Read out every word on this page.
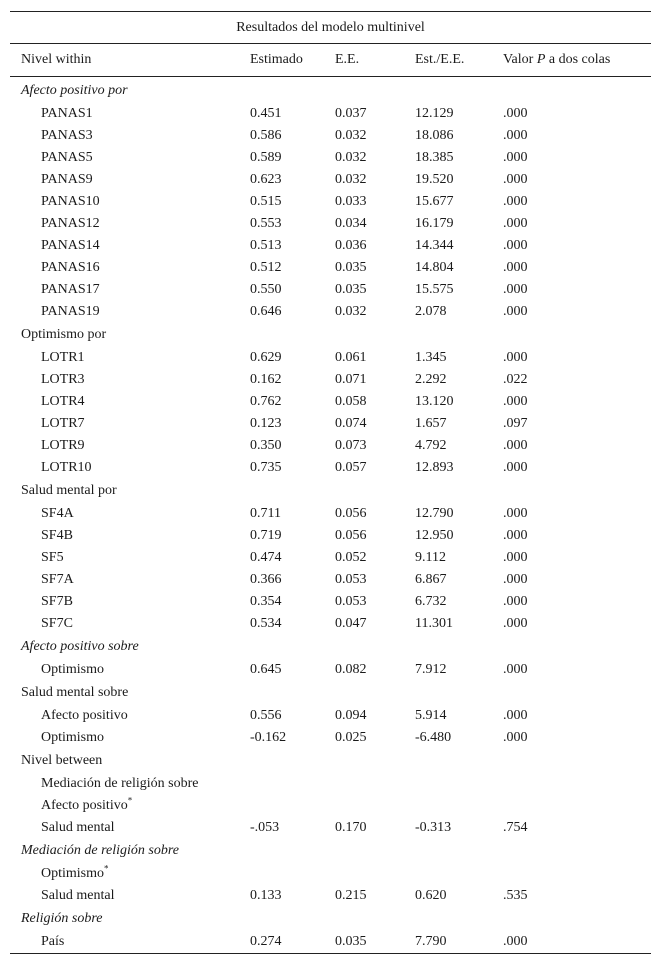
Resultados del modelo multinivel
Nivel within	Estimado	E.E.	Est./E.E.	Valor P a dos colas
Afecto positivo por				
PANAS1	0.451	0.037	12.129	.000
PANAS3	0.586	0.032	18.086	.000
PANAS5	0.589	0.032	18.385	.000
PANAS9	0.623	0.032	19.520	.000
PANAS10	0.515	0.033	15.677	.000
PANAS12	0.553	0.034	16.179	.000
PANAS14	0.513	0.036	14.344	.000
PANAS16	0.512	0.035	14.804	.000
PANAS17	0.550	0.035	15.575	.000
PANAS19	0.646	0.032	2.078	.000
Optimismo por				
LOTR1	0.629	0.061	1.345	.000
LOTR3	0.162	0.071	2.292	.022
LOTR4	0.762	0.058	13.120	.000
LOTR7	0.123	0.074	1.657	.097
LOTR9	0.350	0.073	4.792	.000
LOTR10	0.735	0.057	12.893	.000
Salud mental por				
SF4A	0.711	0.056	12.790	.000
SF4B	0.719	0.056	12.950	.000
SF5	0.474	0.052	9.112	.000
SF7A	0.366	0.053	6.867	.000
SF7B	0.354	0.053	6.732	.000
SF7C	0.534	0.047	11.301	.000
Afecto positivo sobre				
Optimismo	0.645	0.082	7.912	.000
Salud mental sobre				
Afecto positivo	0.556	0.094	5.914	.000
Optimismo	-0.162	0.025	-6.480	.000
Nivel between				
Mediación de religión sobre				
Afecto positivo*
Salud mental	-.053	0.170	-0.313	.754
Mediación de religión sobre				
Optimismo*
Salud mental	0.133	0.215	0.620	.535
Religión sobre				
País	0.274	0.035	7.790	.000
